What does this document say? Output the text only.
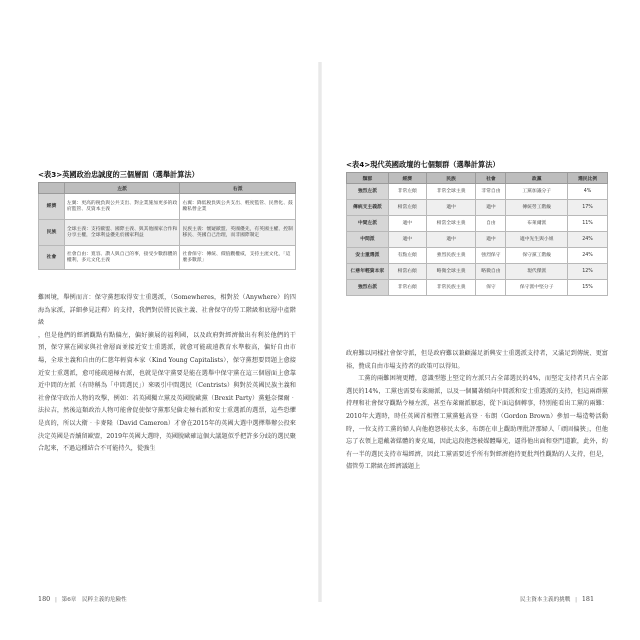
<表3>英國政治忠誠度的三個層面（選舉計算法）
	左派	右派
經濟	左翼：更高的稅負與公共支出、對企業施加更多的政府監管、反資本主義	右翼：降低稅負與公共支出、輕度監管、民營化、鼓勵私營企業
民族	全球主義：支持歐盟、國際主義、與其他國家合作和分享主權，全球利益優先於國家利益	民族主義：懷疑歐盟、英國優先，有英國主權、控制移民、英國自己治理，而非國際制定
社會	社會自由：寬容、讚人與自己的事，接受少數群體的權利，多元文化主義	社會保守：傳統、價值觀權威，支持主流文化，「這麼多數派」

難困境，舉例而言：保守黨想取得安士重選派，（Somewheres，相對於（Anywhere）的四海為家派，詳細參見註釋）的支持，我們對於將民族主義、社會保守的勞工階級和底層中產階級

，但是他們的經濟觀點有點偏左，偏好擴展的福利國，以及政府對經濟做出有利於他們的干預，保守黨在國家與社會層面並接近安士重選派，就愈可能疏遠教育水準較高，偏好自由市場，全球主義和自由的仁慈年輕資本家（Kind Young Capitalists），保守黨想要問題上愈接近安士重選派，愈可能疏遠極右派，也就是保守黨要是能在選舉中保守黨在這三個層面上愈靠近中間的左派（有時稱為「中間選民」）來吸引中間選民（Centrists）與對於英國民族主義和社會保守政治人物的攻擊，例如：若英國獨立黨及英國脫歐黨（Brexit Party）黨魁奈傑爾‧法拉吉，然後這類政治人物可能會促使保守黨那兒倫走極右派和安士重選派的選票，這些恐懼是真的，所以大衛‧卡麥隆（David Cameron）才會在2015年的英國大選中選擇舉辦公投來決定英國是否續留歐盟，2019年英國大選時，英國脫歐確這個大議題似乎把許多分歧的選民聚合起來，不過這種結合不可能持久，從強生

180 | 第6章　民粹主義的危險性
<表4>現代英國政壇的七個類群（選舉計算法）
類群	經濟	民族	社會	政黨	選民比例
強烈左派	非常左傾	非常全球主義	非常自由	工黨加議分子	4%
傳統支主義派	相當左傾	適中	適中	傳統勞工階級	17%
中間左派	適中	相當全球主義	自由	布萊爾派	11%
中間派	適中	適中	適中	適中先生與小姐	24%
安士重選派	有點左傾	強烈民族主義	強烈保守	保守黨工階級	24%
仁慈年輕資本家	相當右傾	略微全球主義	略微自由	現代傑派	12%
強烈右派	非常右傾	非常民族主義	保守	保守派中堅分子	15%

政府難以同樣社會保守派，但是政府難以兼顧滿足新興安士重選派支持者，又滿足到傳統、更富裕，贊成自由市場支持者的政策可以得知。

工黨的兩難困境更糟，意識型態上堅定的左派只占全部選民的4%，而堅定支持者只占全部選民的14%，工黨也需要布萊爾派，以及一個關著傾向中間派和安士重選派的支持，但這兩群黨持理和社會保守觀點令極左派，甚至布萊爾派厭惡，從下面這個轉事，特別能看出工黨的兩難：2010年大選時，時任英國首相暨工黨黨魁高登‧布朗（Gordon Brown）參加一場造勢活動時，一位支持工黨的婦人向他抱怨移民太多，布朗在車上觀助理批評那婦人「頑固偏狹」，但他忘了衣領上還戴著媒體的麥克風，因此這段抱怨被媒體曝光，逼得他出面和登門道歉，此外，約有一半的選民支持市場經濟，因此工黨需要近乎所有對經濟抱持更批判性觀點的人支持，但是，儘管勞工階級在經濟議題上

民主資本主義的挑戰 | 181
